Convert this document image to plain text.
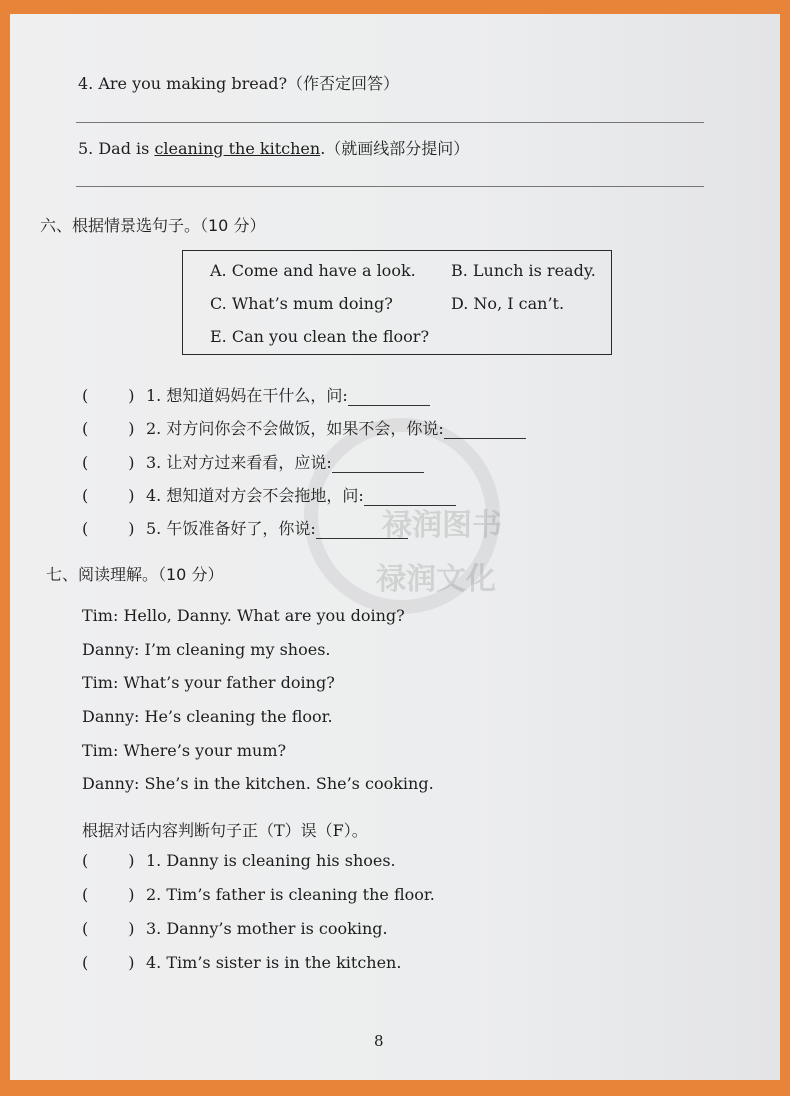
禄润图书
禄润文化
4. Are you making bread?（作否定回答）
5. Dad is cleaning the kitchen.（就画线部分提问）
六、根据情景选句子。（10 分）
A. Come and have a look. B. Lunch is ready.
C. What’s mum doing?	D. No, I can’t.
E. Can you clean the floor?
(	) 1. 想知道妈妈在干什么，问:
(	) 2. 对方问你会不会做饭，如果不会，你说:
(	) 3. 让对方过来看看，应说:
(	) 4. 想知道对方会不会拖地，问:
(	) 5. 午饭准备好了，你说:
七、阅读理解。（10 分）
Tim: Hello, Danny. What are you doing?
Danny: I’m cleaning my shoes.
Tim: What’s your father doing?
Danny: He’s cleaning the floor.
Tim: Where’s your mum?
Danny: She’s in the kitchen. She’s cooking.
根据对话内容判断句子正（T）误（F）。
(	) 1. Danny is cleaning his shoes.
(	) 2. Tim’s father is cleaning the floor.
(	) 3. Danny’s mother is cooking.
(	) 4. Tim’s sister is in the kitchen.
8
